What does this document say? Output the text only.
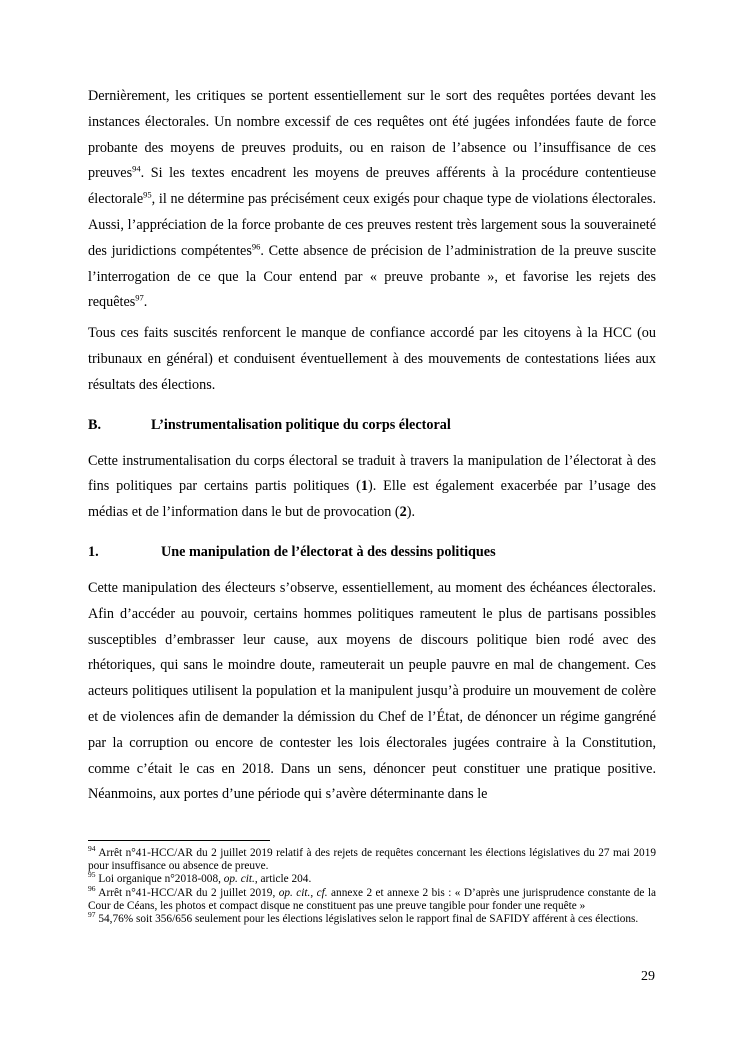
Dernièrement, les critiques se portent essentiellement sur le sort des requêtes portées devant les instances électorales. Un nombre excessif de ces requêtes ont été jugées infondées faute de force probante des moyens de preuves produits, ou en raison de l’absence ou l’insuffisance de ces preuves$^{94}$. Si les textes encadrent les moyens de preuves afférents à la procédure contentieuse électorale$^{95}$, il ne détermine pas précisément ceux exigés pour chaque type de violations électorales. Aussi, l’appréciation de la force probante de ces preuves restent très largement sous la souveraineté des juridictions compétentes$^{96}$. Cette absence de précision de l’administration de la preuve suscite l’interrogation de ce que la Cour entend par « preuve probante », et favorise les rejets des requêtes$^{97}$.

Tous ces faits suscités renforcent le manque de confiance accordé par les citoyens à la HCC (ou tribunaux en général) et conduisent éventuellement à des mouvements de contestations liées aux résultats des élections.

B.	L’instrumentalisation politique du corps électoral

Cette instrumentalisation du corps électoral se traduit à travers la manipulation de l’électorat à des fins politiques par certains partis politiques (1). Elle est également exacerbée par l’usage des médias et de l’information dans le but de provocation (2).

1.	Une manipulation de l’électorat à des dessins politiques

Cette manipulation des électeurs s’observe, essentiellement, au moment des échéances électorales. Afin d’accéder au pouvoir, certains hommes politiques rameutent le plus de partisans possibles susceptibles d’embrasser leur cause, aux moyens de discours politique bien rodé avec des rhétoriques, qui sans le moindre doute, rameuterait un peuple pauvre en mal de changement. Ces acteurs politiques utilisent la population et la manipulent jusqu’à produire un mouvement de colère et de violences afin de demander la démission du Chef de l’État, de dénoncer un régime gangréné par la corruption ou encore de contester les lois électorales jugées contraire à la Constitution, comme c’était le cas en 2018. Dans un sens, dénoncer peut constituer une pratique positive. Néanmoins, aux portes d’une période qui s’avère déterminante dans le

$^{94}$ Arrêt n°41-HCC/AR du 2 juillet 2019 relatif à des rejets de requêtes concernant les élections législatives du 27 mai 2019 pour insuffisance ou absence de preuve.

$^{95}$ Loi organique n°2018-008, op. cit., article 204.

$^{96}$ Arrêt n°41-HCC/AR du 2 juillet 2019, op. cit., cf. annexe 2 et annexe 2 bis : « D’après une jurisprudence constante de la Cour de Céans, les photos et compact disque ne constituent pas une preuve tangible pour fonder une requête »

$^{97}$ 54,76% soit 356/656 seulement pour les élections législatives selon le rapport final de SAFIDY afférent à ces élections.

29
